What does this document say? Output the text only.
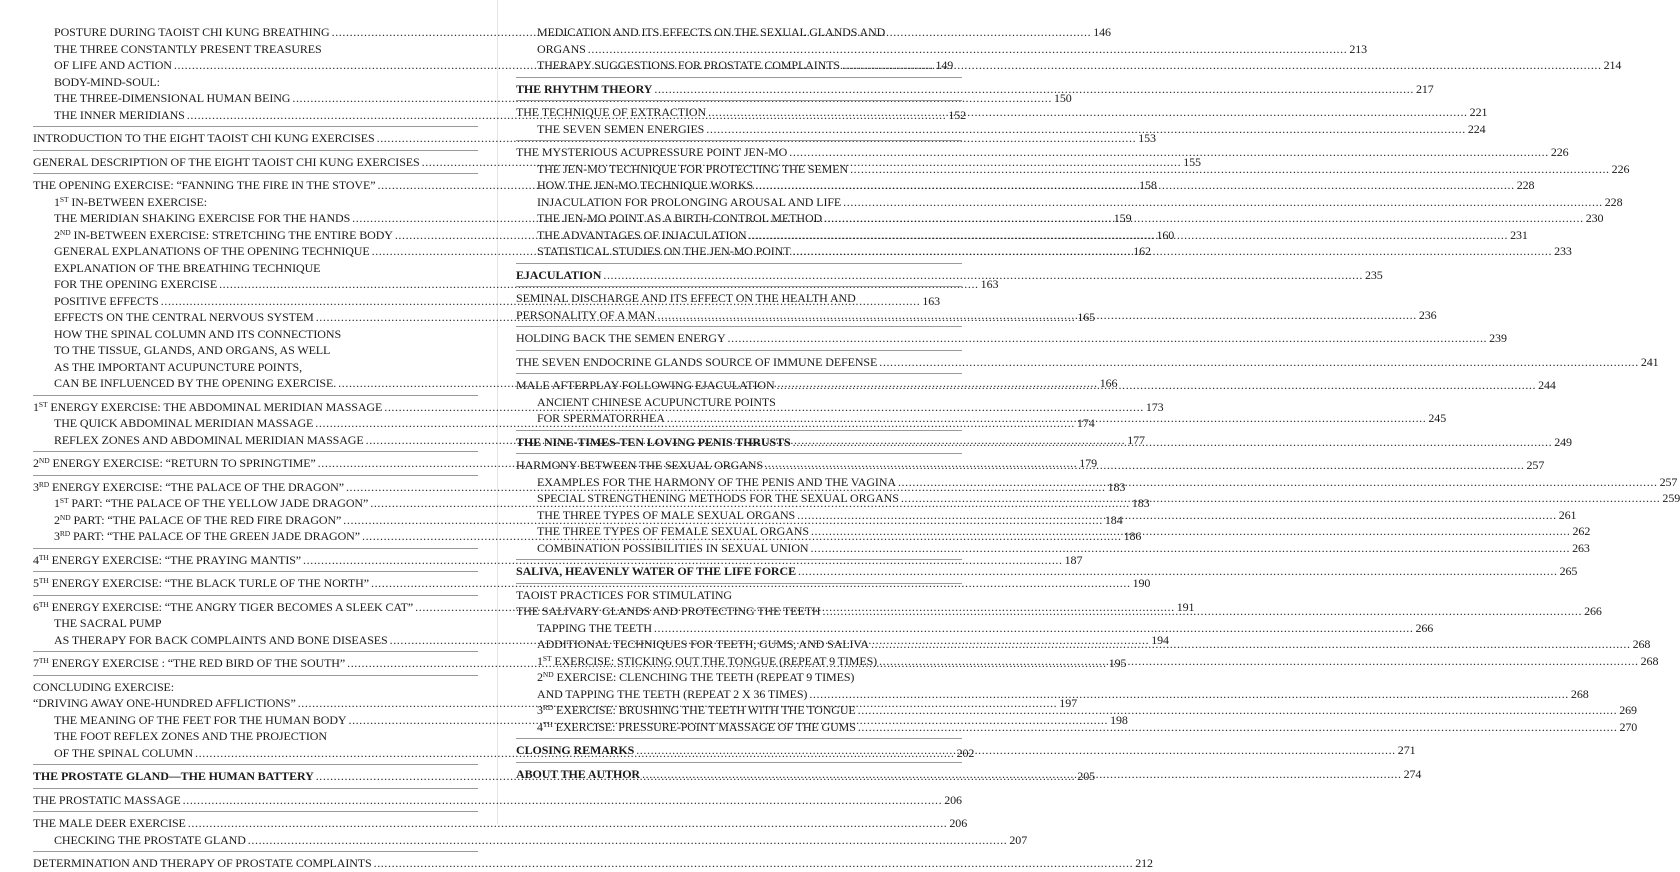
POSTURE DURING TAOIST CHI KUNG BREATHING .....	146
THE THREE CONSTANTLY PRESENT TREASURES
OF LIFE AND ACTION .....	149
BODY-MIND-SOUL:
THE THREE-DIMENSIONAL HUMAN BEING .....	150
THE INNER MERIDIANS .....	152
INTRODUCTION TO THE EIGHT TAOIST CHI KUNG EXERCISES .....	153
GENERAL DESCRIPTION OF THE EIGHT TAOIST CHI KUNG EXERCISES .....	155
THE OPENING EXERCISE: “FANNING THE FIRE IN THE STOVE” .....	158
1ST IN-BETWEEN EXERCISE:
THE MERIDIAN SHAKING EXERCISE FOR THE HANDS .....	159
2ND IN-BETWEEN EXERCISE: STRETCHING THE ENTIRE BODY .....	160
GENERAL EXPLANATIONS OF THE OPENING TECHNIQUE .....	162
EXPLANATION OF THE BREATHING TECHNIQUE
FOR THE OPENING EXERCISE .....	163
POSITIVE EFFECTS .....	163
EFFECTS ON THE CENTRAL NERVOUS SYSTEM .....	165
HOW THE SPINAL COLUMN AND ITS CONNECTIONS
TO THE TISSUE, GLANDS, AND ORGANS, AS WELL
AS THE IMPORTANT ACUPUNCTURE POINTS,
CAN BE INFLUENCED BY THE OPENING EXERCISE. .....	166
1ST ENERGY EXERCISE: THE ABDOMINAL MERIDIAN MASSAGE .....	173
THE QUICK ABDOMINAL MERIDIAN MASSAGE .....	174
REFLEX ZONES AND ABDOMINAL MERIDIAN MASSAGE .....	177
2ND ENERGY EXERCISE: “RETURN TO SPRINGTIME” .....	179
3RD ENERGY EXERCISE: “THE PALACE OF THE DRAGON” .....	183
1ST PART: “THE PALACE OF THE YELLOW JADE DRAGON” .....	183
2ND PART: “THE PALACE OF THE RED FIRE DRAGON” .....	184
3RD PART: “THE PALACE OF THE GREEN JADE DRAGON” .....	186
4TH ENERGY EXERCISE: “THE PRAYING MANTIS” .....	187
5TH ENERGY EXERCISE: “THE BLACK TURLE OF THE NORTH” .....	190
6TH ENERGY EXERCISE: “THE ANGRY TIGER BECOMES A SLEEK CAT” .....	191
THE SACRAL PUMP
AS THERAPY FOR BACK COMPLAINTS AND BONE DISEASES .....	194
7TH ENERGY EXERCISE : “THE RED BIRD OF THE SOUTH” .....	195
CONCLUDING EXERCISE:
“DRIVING AWAY ONE-HUNDRED AFFLICTIONS” .....	197
THE MEANING OF THE FEET FOR THE HUMAN BODY .....	198
THE FOOT REFLEX ZONES AND THE PROJECTION
OF THE SPINAL COLUMN .....	202
THE PROSTATE GLAND—THE HUMAN BATTERY .....	205
THE PROSTATIC MASSAGE .....	206
THE MALE DEER EXERCISE .....	206
CHECKING THE PROSTATE GLAND .....	207
DETERMINATION AND THERAPY OF PROSTATE COMPLAINTS .....	212
MEDICATION AND ITS EFFECTS ON THE SEXUAL GLANDS AND
ORGANS .....	213
THERAPY SUGGESTIONS FOR PROSTATE COMPLAINTS .....	214
THE RHYTHM THEORY .....	217
THE TECHNIQUE OF EXTRACTION .....	221
THE SEVEN SEMEN ENERGIES .....	224
THE MYSTERIOUS ACUPRESSURE POINT JEN-MO .....	226
THE JEN-MO TECHNIQUE FOR PROTECTING THE SEMEN .....	226
HOW THE JEN-MO TECHNIQUE WORKS .....	228
INJACULATION FOR PROLONGING AROUSAL AND LIFE .....	228
THE JEN-MO POINT AS A BIRTH-CONTROL METHOD .....	230
THE ADVANTAGES OF INJACULATION .....	231
STATISTICAL STUDIES ON THE JEN-MO POINT .....	233
EJACULATION .....	235
SEMINAL DISCHARGE AND ITS EFFECT ON THE HEALTH AND
PERSONALITY OF A MAN .....	236
HOLDING BACK THE SEMEN ENERGY .....	239
THE SEVEN ENDOCRINE GLANDS SOURCE OF IMMUNE DEFENSE .....	241
MALE AFTERPLAY FOLLOWING EJACULATION .....	244
ANCIENT CHINESE ACUPUNCTURE POINTS
FOR SPERMATORRHEA .....	245
THE NINE-TIMES-TEN LOVING PENIS THRUSTS .....	249
HARMONY BETWEEN THE SEXUAL ORGANS .....	257
EXAMPLES FOR THE HARMONY OF THE PENIS AND THE VAGINA .....	257
SPECIAL STRENGTHENING METHODS FOR THE SEXUAL ORGANS .....	259
THE THREE TYPES OF MALE SEXUAL ORGANS .....	261
THE THREE TYPES OF FEMALE SEXUAL ORGANS .....	262
COMBINATION POSSIBILITIES IN SEXUAL UNION .....	263
SALIVA, HEAVENLY WATER OF THE LIFE FORCE .....	265
TAOIST PRACTICES FOR STIMULATING
THE SALIVARY GLANDS AND PROTECTING THE TEETH .....	266
TAPPING THE TEETH .....	266
ADDITIONAL TECHNIQUES FOR TEETH, GUMS, AND SALIVA .....	268
1ST EXERCISE: STICKING OUT THE TONGUE (REPEAT 9 TIMES) .....	268
2ND EXERCISE: CLENCHING THE TEETH (REPEAT 9 TIMES)
AND TAPPING THE TEETH (REPEAT 2 X 36 TIMES) .....	268
3RD EXERCISE: BRUSHING THE TEETH WITH THE TONGUE .....	269
4TH EXERCISE: PRESSURE-POINT MASSAGE OF THE GUMS .....	270
CLOSING REMARKS .....	271
ABOUT THE AUTHOR .....	274
